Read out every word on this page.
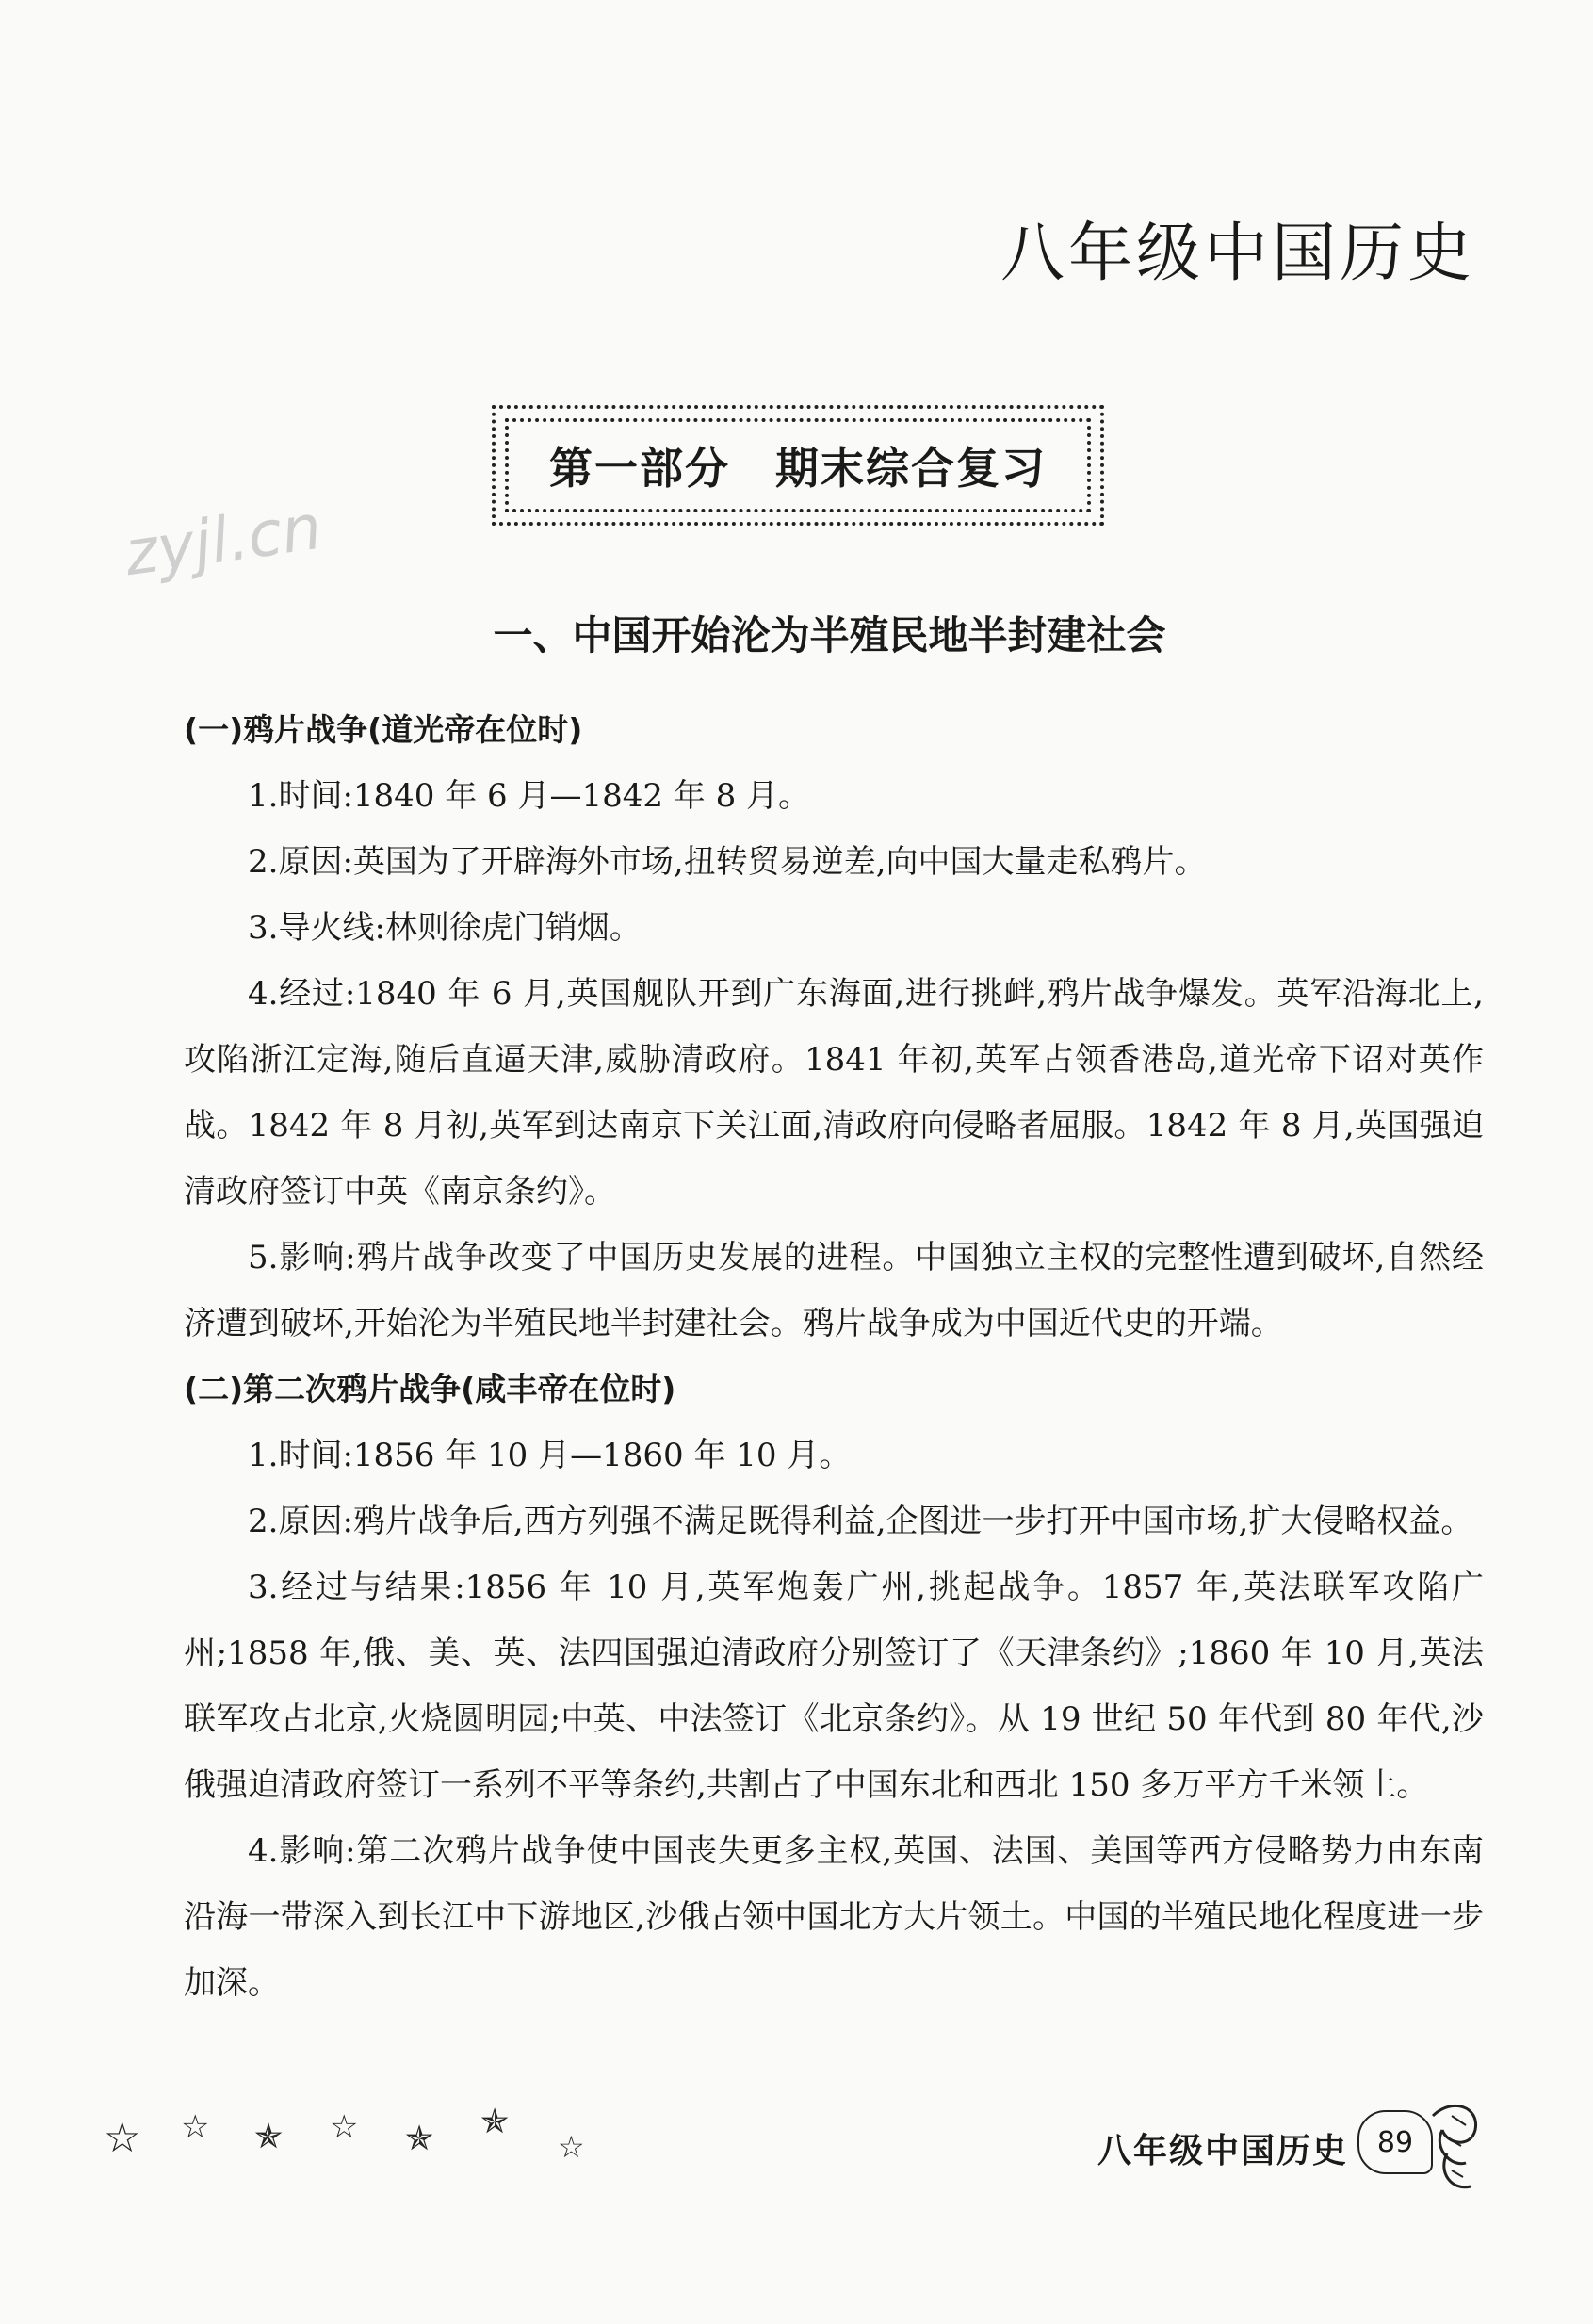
八年级中国历史
zyjl.cn
第一部分　期末综合复习
一、中国开始沦为半殖民地半封建社会

(一)鸦片战争(道光帝在位时)

1.时间:1840 年 6 月—1842 年 8 月。

2.原因:英国为了开辟海外市场,扭转贸易逆差,向中国大量走私鸦片。

3.导火线:林则徐虎门销烟。

4.经过:1840 年 6 月,英国舰队开到广东海面,进行挑衅,鸦片战争爆发。英军沿海北上,攻陷浙江定海,随后直逼天津,威胁清政府。1841 年初,英军占领香港岛,道光帝下诏对英作战。1842 年 8 月初,英军到达南京下关江面,清政府向侵略者屈服。1842 年 8 月,英国强迫清政府签订中英《南京条约》。

5.影响:鸦片战争改变了中国历史发展的进程。中国独立主权的完整性遭到破坏,自然经济遭到破坏,开始沦为半殖民地半封建社会。鸦片战争成为中国近代史的开端。

(二)第二次鸦片战争(咸丰帝在位时)

1.时间:1856 年 10 月—1860 年 10 月。

2.原因:鸦片战争后,西方列强不满足既得利益,企图进一步打开中国市场,扩大侵略权益。

3.经过与结果:1856 年 10 月,英军炮轰广州,挑起战争。1857 年,英法联军攻陷广州;1858 年,俄、美、英、法四国强迫清政府分别签订了《天津条约》;1860 年 10 月,英法联军攻占北京,火烧圆明园;中英、中法签订《北京条约》。从 19 世纪 50 年代到 80 年代,沙俄强迫清政府签订一系列不平等条约,共割占了中国东北和西北 150 多万平方千米领土。

4.影响:第二次鸦片战争使中国丧失更多主权,英国、法国、美国等西方侵略势力由东南沿海一带深入到长江中下游地区,沙俄占领中国北方大片领土。中国的半殖民地化程度进一步加深。

☆ ☆ ✯ ☆ ✯ ✯
☆	八年级中国历史	89
